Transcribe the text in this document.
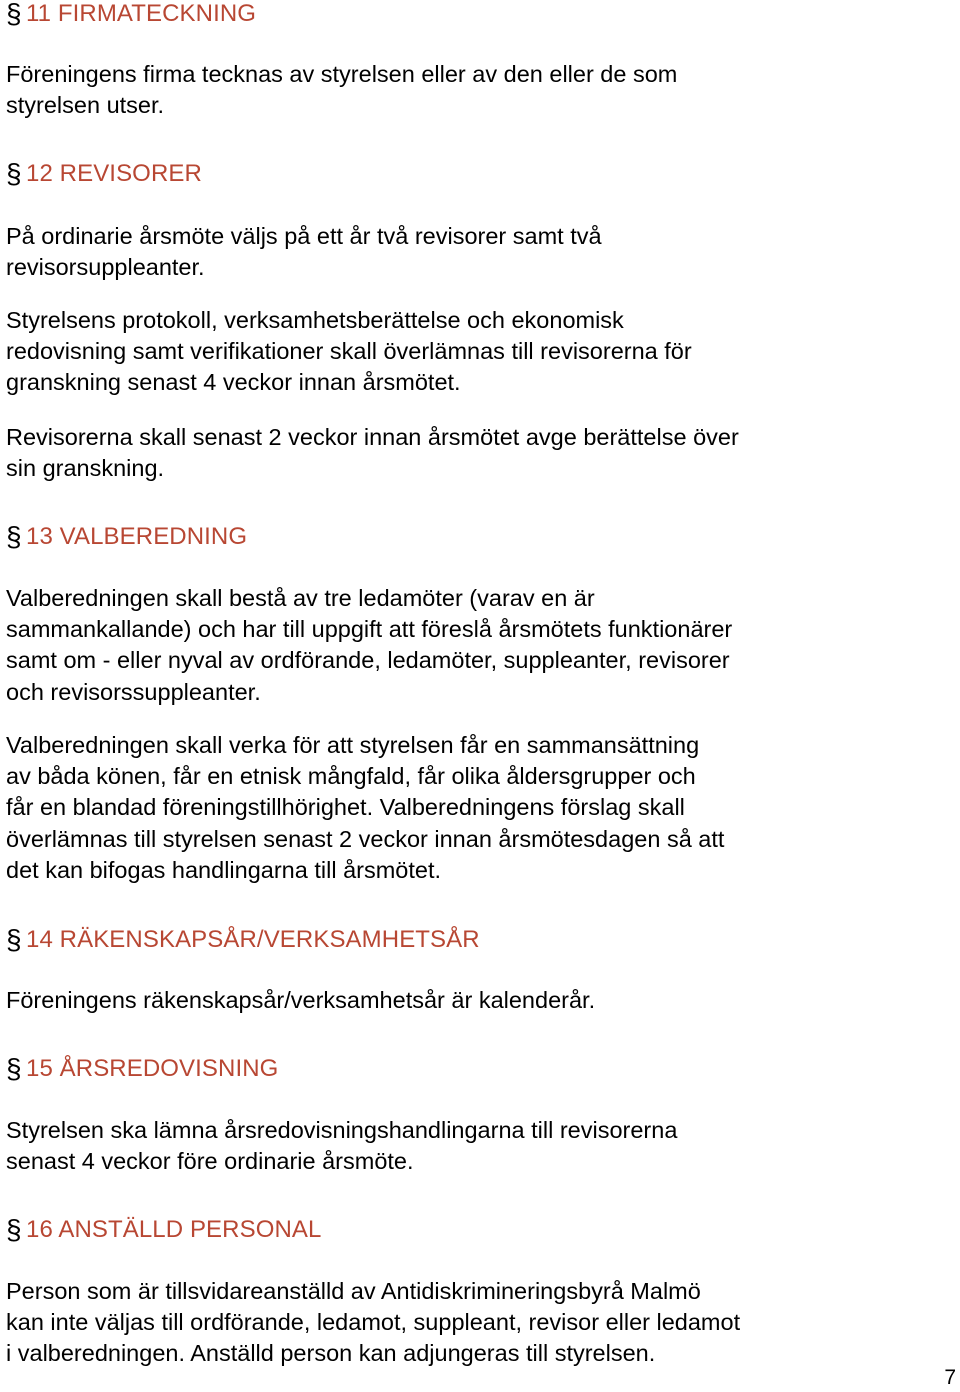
§ 11 FIRMATECKNING
Föreningens firma tecknas av styrelsen eller av den eller de som
styrelsen utser.
§ 12 REVISORER
På ordinarie årsmöte väljs på ett år två revisorer samt två
revisorsuppleanter.
Styrelsens protokoll, verksamhetsberättelse och ekonomisk
redovisning samt verifikationer skall överlämnas till revisorerna för
granskning senast 4 veckor innan årsmötet.
Revisorerna skall senast 2 veckor innan årsmötet avge berättelse över
sin granskning.
§ 13 VALBEREDNING
Valberedningen skall bestå av tre ledamöter (varav en är
sammankallande) och har till uppgift att föreslå årsmötets funktionärer
samt om - eller nyval av ordförande, ledamöter, suppleanter, revisorer
och revisorssuppleanter.
Valberedningen skall verka för att styrelsen får en sammansättning
av båda könen, får en etnisk mångfald, får olika åldersgrupper och
får en blandad föreningstillhörighet. Valberedningens förslag skall
överlämnas till styrelsen senast 2 veckor innan årsmötesdagen så att
det kan bifogas handlingarna till årsmötet.
§ 14 RÄKENSKAPSÅR/VERKSAMHETSÅR
Föreningens räkenskapsår/verksamhetsår är kalenderår.
§ 15 ÅRSREDOVISNING
Styrelsen ska lämna årsredovisningshandlingarna till revisorerna
senast 4 veckor före ordinarie årsmöte.
§ 16 ANSTÄLLD PERSONAL
Person som är tillsvidareanställd av Antidiskrimineringsbyrå Malmö
kan inte väljas till ordförande, ledamot, suppleant, revisor eller ledamot
i valberedningen. Anställd person kan adjungeras till styrelsen.
7
